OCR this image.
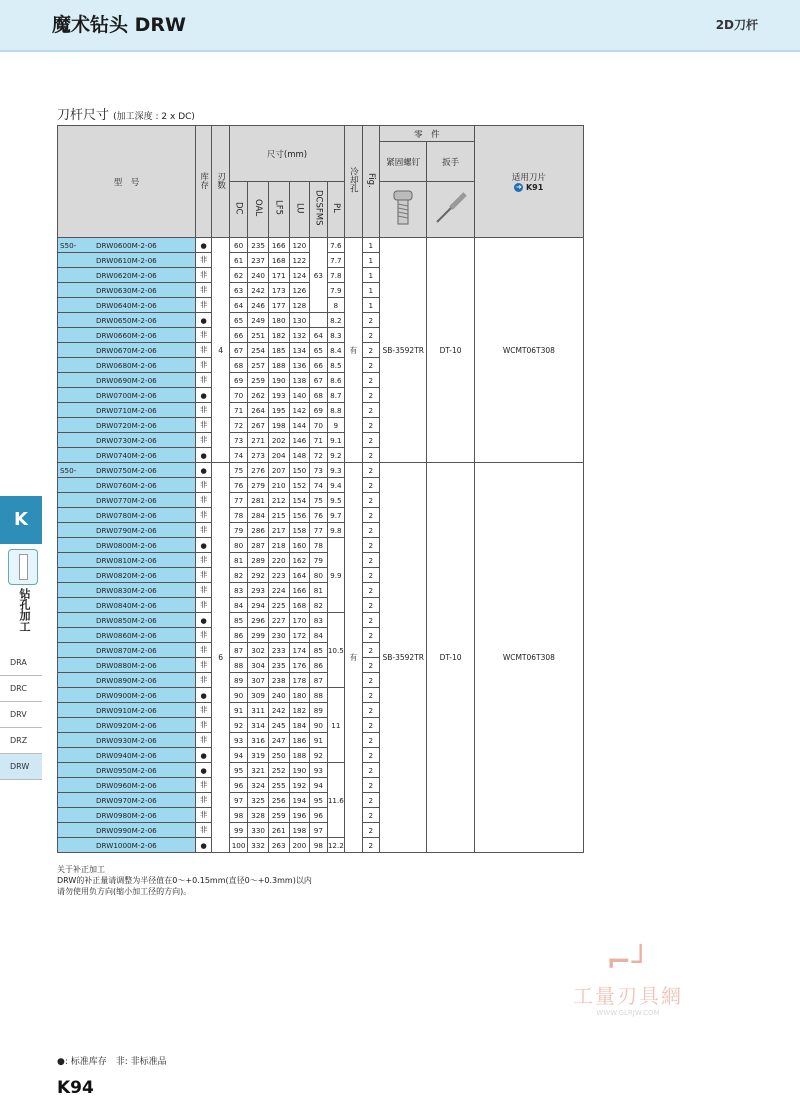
魔术钻头 DRW	2D刀杆
刀杆尺寸 (加工深度 : 2 x DC)
型　号	库存	刃数	尺寸(mm)						冷却孔	Fig.	零　件		适用刀片
➜ K91

											紧固螺钉	扳手	
			DC	OAL	LF5	LU	DCSFMS	PL		
S50- DRW0600M-2-06	●	4	60	235	166	120	63	7.6	有	1	SB-3592TR	DT-10	WCMT06T308
DRW0610M-2-06	非		61	237	168	122		7.7		1			
DRW0620M-2-06	非		62	240	171	124		7.8		1			
DRW0630M-2-06	非		63	242	173	126		7.9		1			
DRW0640M-2-06	非		64	246	177	128		8		1			
DRW0650M-2-06	●		65	249	180	130		8.2		2			
DRW0660M-2-06	非		66	251	182	132	64	8.3		2			
DRW0670M-2-06	非		67	254	185	134	65	8.4		2			
DRW0680M-2-06	非		68	257	188	136	66	8.5		2			
DRW0690M-2-06	非		69	259	190	138	67	8.6		2			
DRW0700M-2-06	●		70	262	193	140	68	8.7		2			
DRW0710M-2-06	非		71	264	195	142	69	8.8		2			
DRW0720M-2-06	非		72	267	198	144	70	9		2			
DRW0730M-2-06	非		73	271	202	146	71	9.1		2			
DRW0740M-2-06	●		74	273	204	148	72	9.2		2			
S50- DRW0750M-2-06	●	6	75	276	207	150	73	9.3	有	2	SB-3592TR	DT-10	WCMT06T308
DRW0760M-2-06	非		76	279	210	152	74	9.4		2			
DRW0770M-2-06	非		77	281	212	154	75	9.5		2			
DRW0780M-2-06	非		78	284	215	156	76	9.7		2			
DRW0790M-2-06	非		79	286	217	158	77	9.8		2			
DRW0800M-2-06	●		80	287	218	160	78	9.9		2			
DRW0810M-2-06	非		81	289	220	162	79			2			
DRW0820M-2-06	非		82	292	223	164	80			2			
DRW0830M-2-06	非		83	293	224	166	81			2			
DRW0840M-2-06	非		84	294	225	168	82			2			
DRW0850M-2-06	●		85	296	227	170	83	10.5		2			
DRW0860M-2-06	非		86	299	230	172	84			2			
DRW0870M-2-06	非		87	302	233	174	85			2			
DRW0880M-2-06	非		88	304	235	176	86			2			
DRW0890M-2-06	非		89	307	238	178	87			2			
DRW0900M-2-06	●		90	309	240	180	88	11		2			
DRW0910M-2-06	非		91	311	242	182	89			2			
DRW0920M-2-06	非		92	314	245	184	90			2			
DRW0930M-2-06	非		93	316	247	186	91			2			
DRW0940M-2-06	●		94	319	250	188	92			2			
DRW0950M-2-06	●		95	321	252	190	93	11.6		2			
DRW0960M-2-06	非		96	324	255	192	94			2			
DRW0970M-2-06	非		97	325	256	194	95			2			
DRW0980M-2-06	非		98	328	259	196	96			2			
DRW0990M-2-06	非		99	330	261	198	97			2			
DRW1000M-2-06	●		100	332	263	200	98	12.2		2			
关于补正加工
DRW的补正量请调整为半径值在0～+0.15mm(直径0～+0.3mm)以内
请勿使用负方向(缩小加工径的方向)。
⌐┘
工量刃具網
WWW.GLRJW.COM
●: 标准库存　非: 非标准品
K94
K
钻孔加工
DRA
DRC
DRV
DRZ
DRW
